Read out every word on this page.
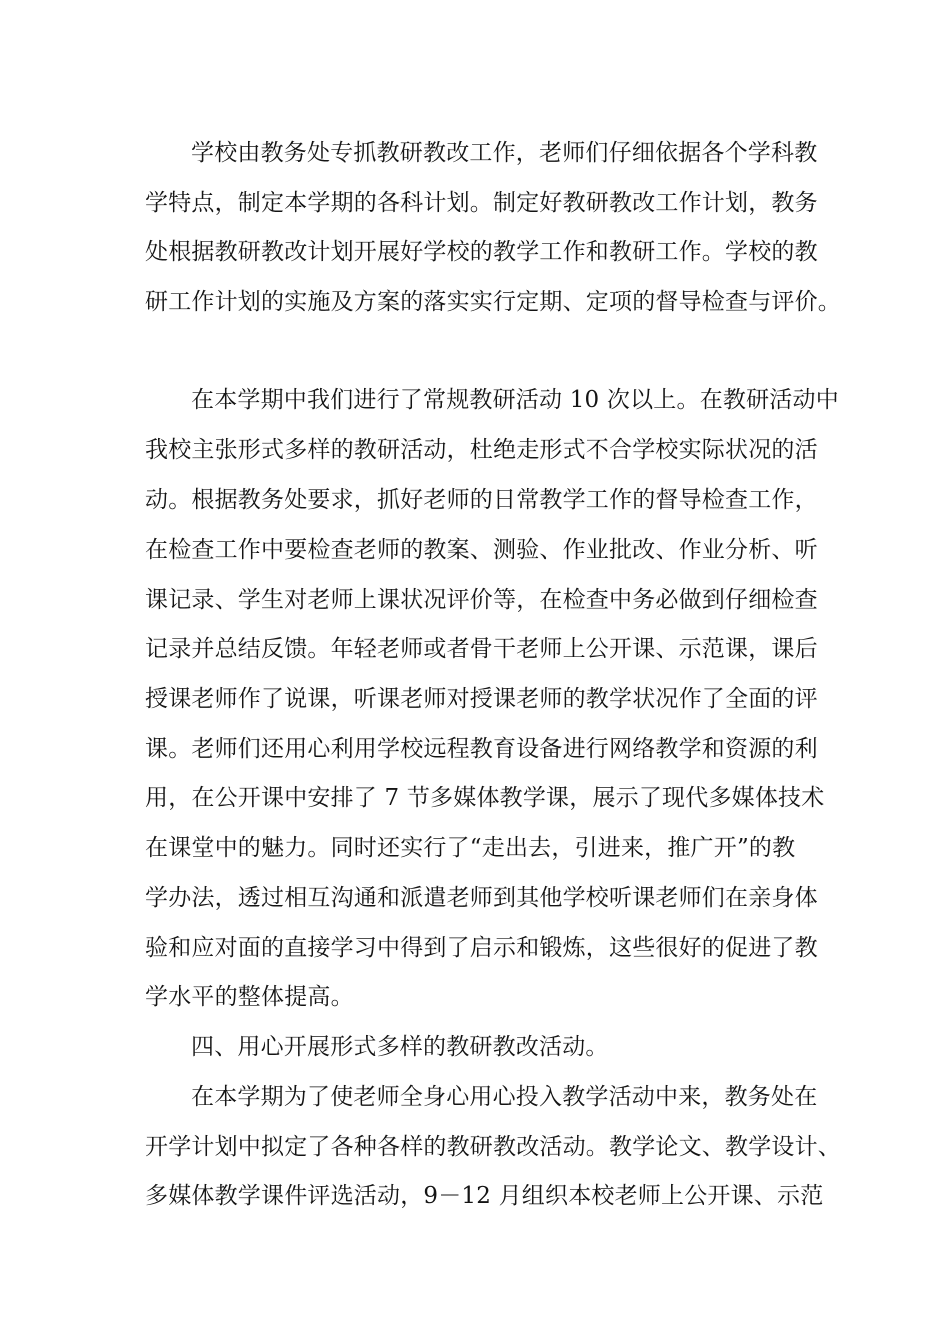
学校由教务处专抓教研教改工作，老师们仔细依据各个学科教
学特点，制定本学期的各科计划。制定好教研教改工作计划，教务
处根据教研教改计划开展好学校的教学工作和教研工作。学校的教
研工作计划的实施及方案的落实实行定期、定项的督导检查与评价。
在本学期中我们进行了常规教研活动 10 次以上。在教研活动中
我校主张形式多样的教研活动，杜绝走形式不合学校实际状况的活
动。根据教务处要求，抓好老师的日常教学工作的督导检查工作，
在检查工作中要检查老师的教案、测验、作业批改、作业分析、听
课记录、学生对老师上课状况评价等，在检查中务必做到仔细检查
记录并总结反馈。年轻老师或者骨干老师上公开课、示范课，课后
授课老师作了说课，听课老师对授课老师的教学状况作了全面的评
课。老师们还用心利用学校远程教育设备进行网络教学和资源的利
用，在公开课中安排了 7 节多媒体教学课，展示了现代多媒体技术
在课堂中的魅力。同时还实行了“走出去，引进来，推广开”的教
学办法，透过相互沟通和派遣老师到其他学校听课老师们在亲身体
验和应对面的直接学习中得到了启示和锻炼，这些很好的促进了教
学水平的整体提高。
四、用心开展形式多样的教研教改活动。
在本学期为了使老师全身心用心投入教学活动中来，教务处在
开学计划中拟定了各种各样的教研教改活动。教学论文、教学设计、
多媒体教学课件评选活动，9－12 月组织本校老师上公开课、示范
